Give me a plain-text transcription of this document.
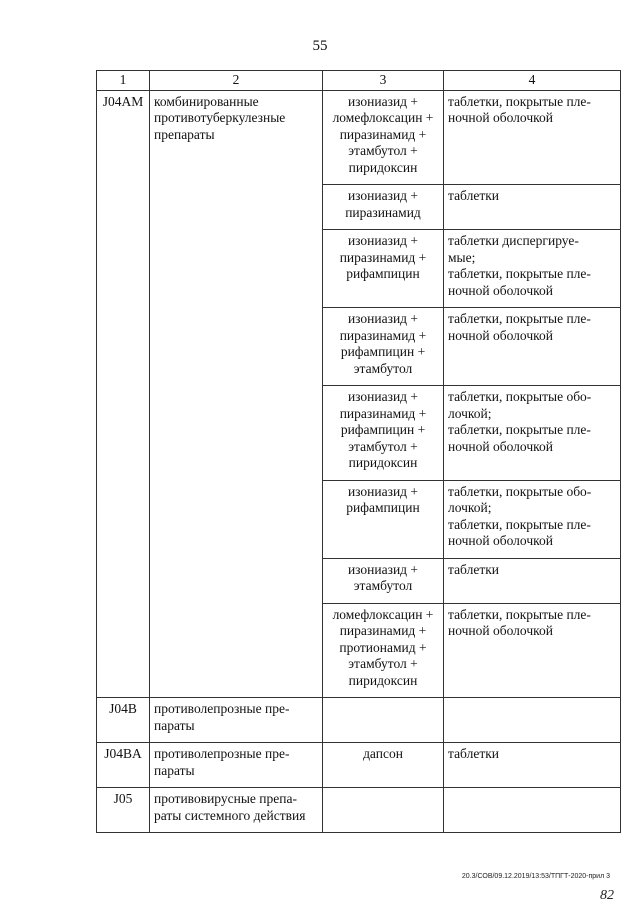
55
1	2	3	4
J04AM	комбинированные
противотуберкулезные
препараты	изониазид +
ломефлоксацин +
пиразинамид +
этамбутол +
пиридоксин	таблетки, покрытые пле-
ночной оболочкой
		изониазид +
пиразинамид	таблетки
		изониазид +
пиразинамид +
рифампицин	таблетки диспергируе-
мые;
таблетки, покрытые пле-
ночной оболочкой
		изониазид +
пиразинамид +
рифампицин +
этамбутол	таблетки, покрытые пле-
ночной оболочкой
		изониазид +
пиразинамид +
рифампицин +
этамбутол +
пиридоксин	таблетки, покрытые обо-
лочкой;
таблетки, покрытые пле-
ночной оболочкой
		изониазид +
рифампицин	таблетки, покрытые обо-
лочкой;
таблетки, покрытые пле-
ночной оболочкой
		изониазид +
этамбутол	таблетки
		ломефлоксацин +
пиразинамид +
протионамид +
этамбутол +
пиридоксин	таблетки, покрытые пле-
ночной оболочкой
J04B	противолепрозные пре-
параты		
J04BA	противолепрозные пре-
параты	дапсон	таблетки
J05	противовирусные препа-
раты системного действия		
20.3/СОВ/09.12.2019/13:53/ТПГТ-2020-прил 3
82
